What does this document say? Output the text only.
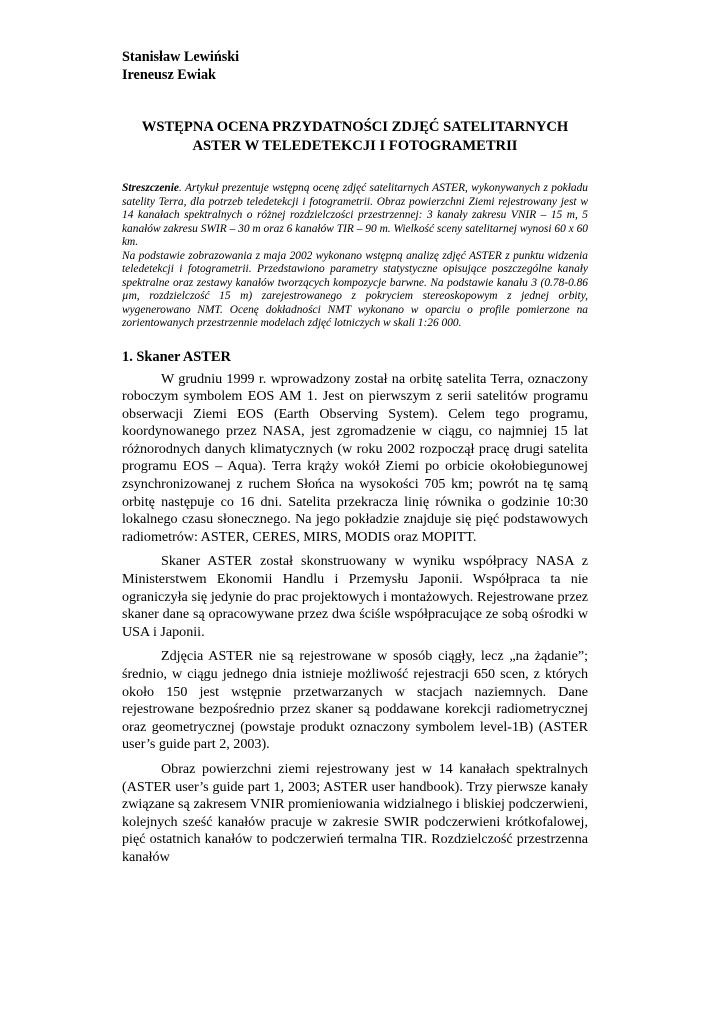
Stanisław Lewiński
Ireneusz Ewiak
WSTĘPNA OCENA PRZYDATNOŚCI ZDJĘĆ SATELITARNYCH
ASTER W TELEDETEKCJI I FOTOGRAMETRII

Streszczenie. Artykuł prezentuje wstępną ocenę zdjęć satelitarnych ASTER, wykonywanych z pokładu satelity Terra, dla potrzeb teledetekcji i fotogrametrii. Obraz powierzchni Ziemi rejestrowany jest w 14 kanałach spektralnych o różnej rozdzielczości przestrzennej: 3 kanały zakresu VNIR – 15 m, 5 kanałów zakresu SWIR – 30 m oraz 6 kanałów TIR – 90 m. Wielkość sceny satelitarnej wynosi 60 x 60 km.

Na podstawie zobrazowania z maja 2002 wykonano wstępną analizę zdjęć ASTER z punktu widzenia teledetekcji i fotogrametrii. Przedstawiono parametry statystyczne opisujące poszczególne kanały spektralne oraz zestawy kanałów tworzących kompozycje barwne. Na podstawie kanału 3 (0.78-0.86 µm, rozdzielczość 15 m) zarejestrowanego z pokryciem stereoskopowym z jednej orbity, wygenerowano NMT. Ocenę dokładności NMT wykonano w oparciu o profile pomierzone na zorientowanych przestrzennie modelach zdjęć lotniczych w skali 1:26 000.

1. Skaner ASTER

W grudniu 1999 r. wprowadzony został na orbitę satelita Terra, oznaczony roboczym symbolem EOS AM 1. Jest on pierwszym z serii satelitów programu obserwacji Ziemi EOS (Earth Observing System). Celem tego programu, koordynowanego przez NASA, jest zgromadzenie w ciągu, co najmniej 15 lat różnorodnych danych klimatycznych (w roku 2002 rozpoczął pracę drugi satelita programu EOS – Aqua). Terra krąży wokół Ziemi po orbicie okołobiegunowej zsynchronizowanej z ruchem Słońca na wysokości 705 km; powrót na tę samą orbitę następuje co 16 dni. Satelita przekracza linię równika o godzinie 10:30 lokalnego czasu słonecznego. Na jego pokładzie znajduje się pięć podstawowych radiometrów: ASTER, CERES, MIRS, MODIS oraz MOPITT.

Skaner ASTER został skonstruowany w wyniku współpracy NASA z Ministerstwem Ekonomii Handlu i Przemysłu Japonii. Współpraca ta nie ograniczyła się jedynie do prac projektowych i montażowych. Rejestrowane przez skaner dane są opracowywane przez dwa ściśle współpracujące ze sobą ośrodki w USA i Japonii.

Zdjęcia ASTER nie są rejestrowane w sposób ciągły, lecz „na żądanie”; średnio, w ciągu jednego dnia istnieje możliwość rejestracji 650 scen, z których około 150 jest wstępnie przetwarzanych w stacjach naziemnych. Dane rejestrowane bezpośrednio przez skaner są poddawane korekcji radiometrycznej oraz geometrycznej (powstaje produkt oznaczony symbolem level-1B) (ASTER user’s guide part 2, 2003).

Obraz powierzchni ziemi rejestrowany jest w 14 kanałach spektralnych (ASTER user’s guide part 1, 2003; ASTER user handbook). Trzy pierwsze kanały związane są zakresem VNIR promieniowania widzialnego i bliskiej podczerwieni, kolejnych sześć kanałów pracuje w zakresie SWIR podczerwieni krótkofalowej, pięć ostatnich kanałów to podczerwień termalna TIR. Rozdzielczość przestrzenna kanałów
